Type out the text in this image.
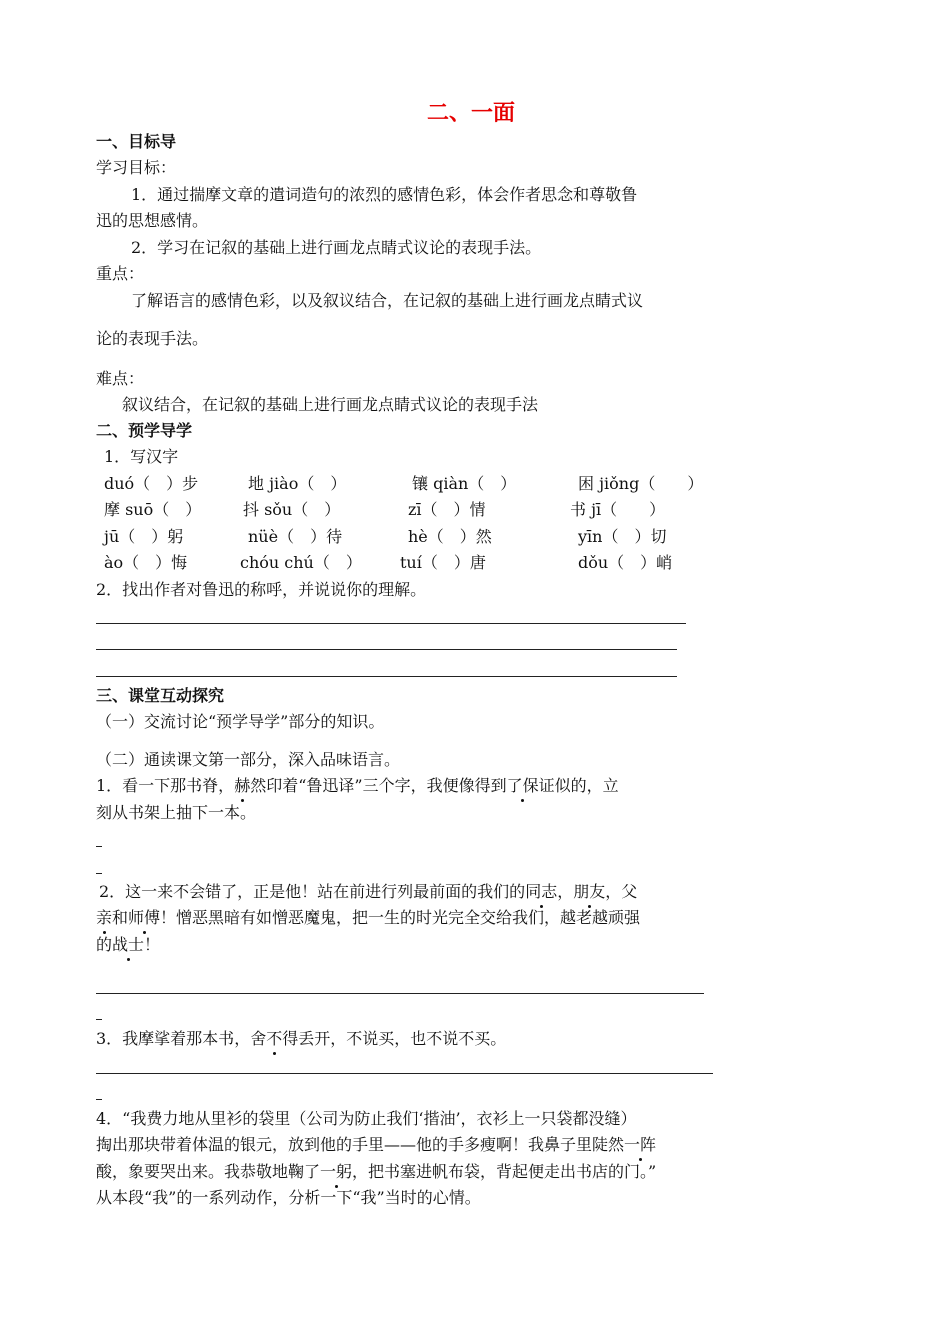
二、一面
一、目标导
学习目标：
1．通过揣摩文章的遣词造句的浓烈的感情色彩，体会作者思念和尊敬鲁
迅的思想感情。
2．学习在记叙的基础上进行画龙点睛式议论的表现手法。
重点：
了解语言的感情色彩，以及叙议结合，在记叙的基础上进行画龙点睛式议
论的表现手法。
难点：
叙议结合，在记叙的基础上进行画龙点睛式议论的表现手法
二、预学导学
1．写汉字
duó（　）步	地 jiào（　）	镶 qiàn（　）	困 jiǒng（　　）
摩 suō（　）	抖 sǒu（　）	zī（　）情	书 jī（　　）
jū（　）躬	nüè（　）待	hè（　）然	yīn（　）切
ào（　）悔	chóu chú（　） tuí（　）唐	dǒu（　）峭
2．找出作者对鲁迅的称呼，并说说你的理解。
三、课堂互动探究
（一）交流讨论“预学导学”部分的知识。
（二）通读课文第一部分，深入品味语言。
1．看一下那书脊，赫然印着“鲁迅译”三个字，我便像得到了保证似的，立
刻从书架上抽下一本。
2．这一来不会错了，正是他！站在前进行列最前面的我们的同志，朋友，父
亲和师傅！憎恶黑暗有如憎恶魔鬼，把一生的时光完全交给我们，越老越顽强
的战士！
3．我摩挲着那本书，舍不得丢开，不说买，也不说不买。
4．“我费力地从里衫的袋里（公司为防止我们‘揩油’，衣衫上一只袋都没缝）
掏出那块带着体温的银元，放到他的手里——他的手多瘦啊！我鼻子里陡然一阵
酸，象要哭出来。我恭敬地鞠了一躬，把书塞进帆布袋，背起便走出书店的门。”
从本段“我”的一系列动作，分析一下“我”当时的心情。
